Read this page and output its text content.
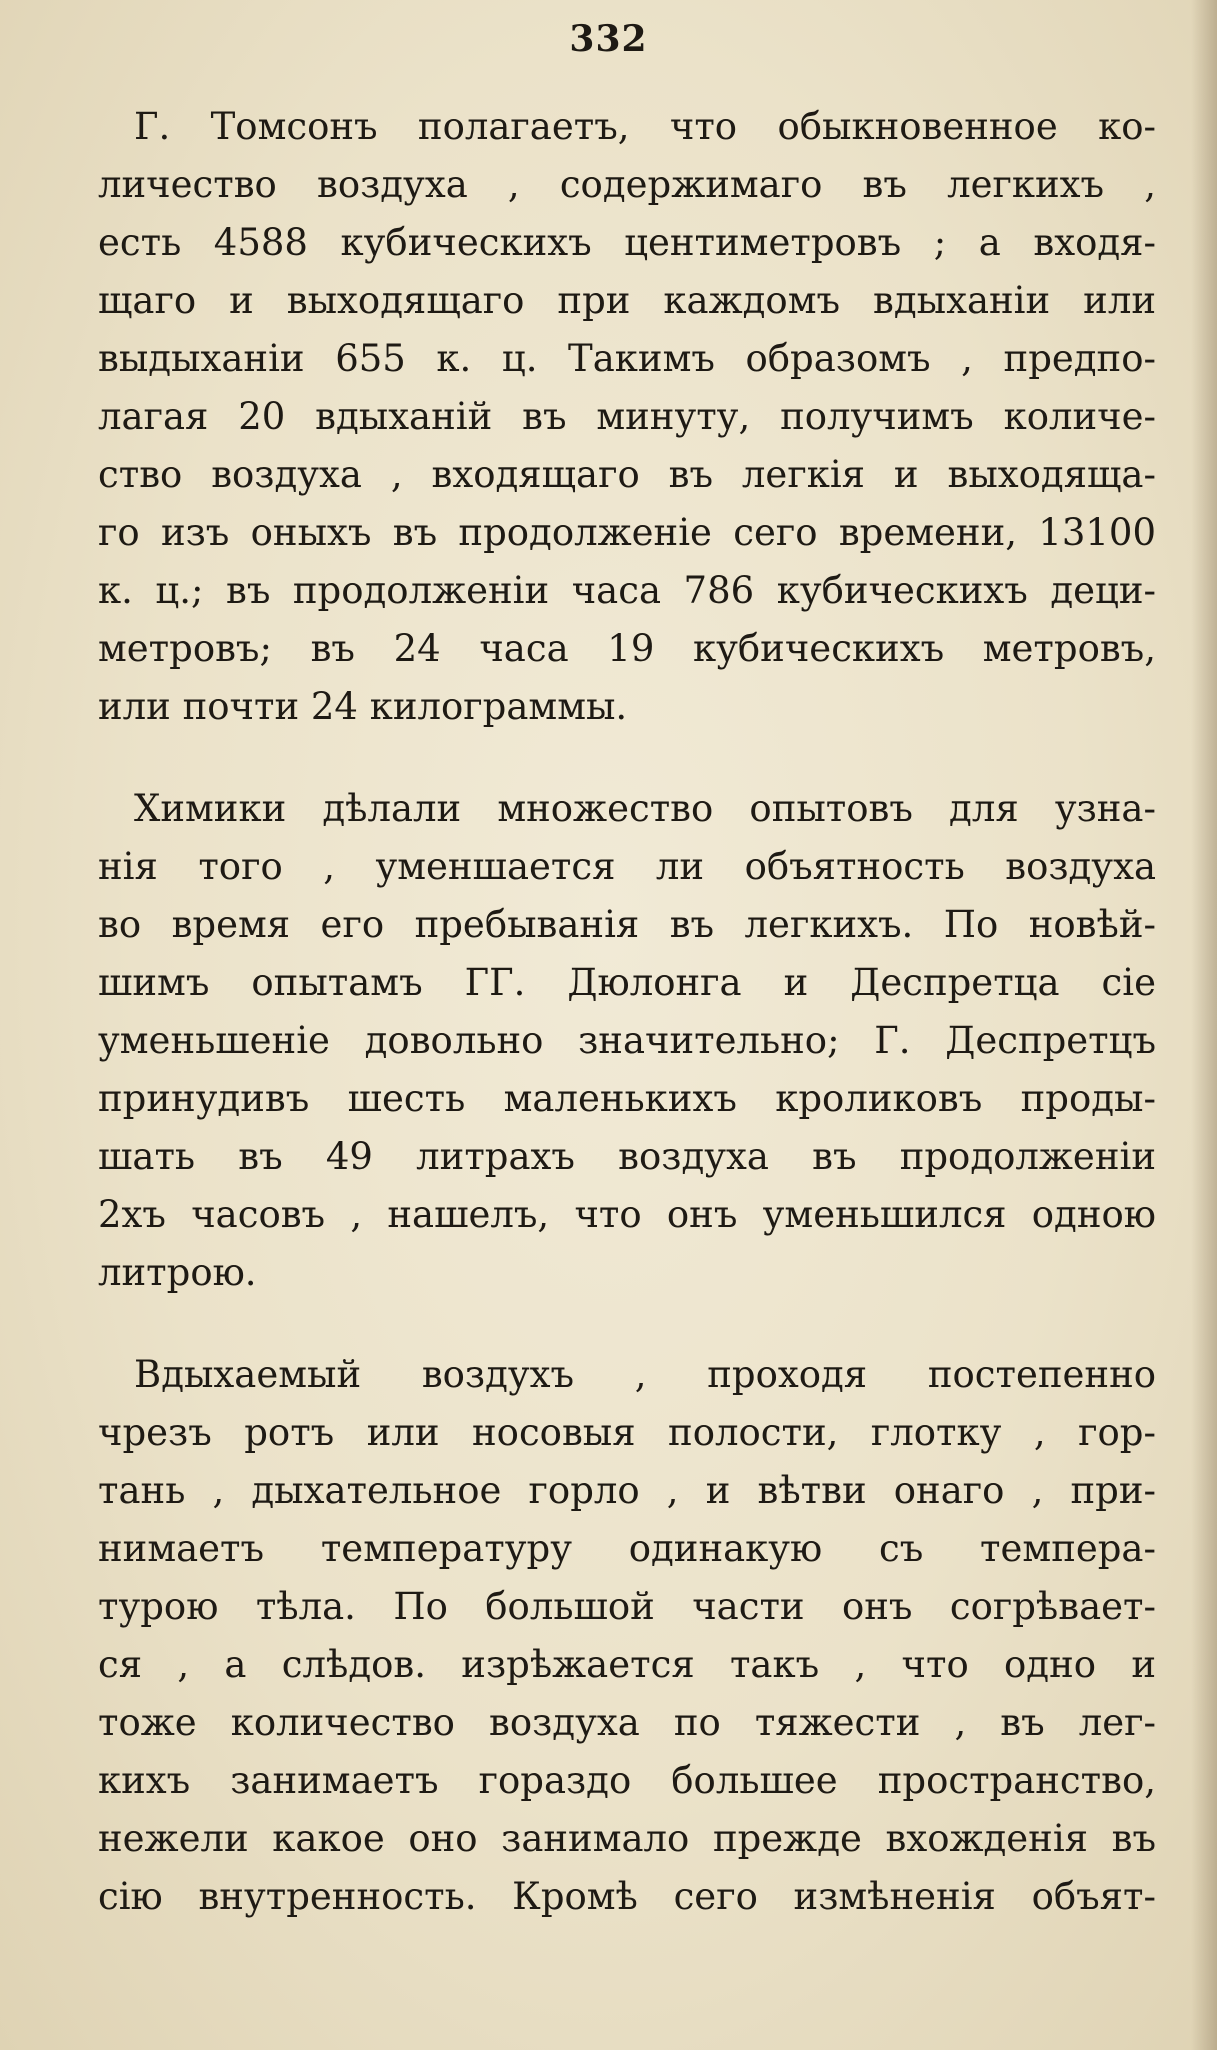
332
Г. Томсонъ полагаетъ, что обыкновенное ко-
личество воздуха , содержимаго въ легкихъ ,
есть 4588 кубическихъ центиметровъ ; а входя-
щаго и выходящаго при каждомъ вдыханіи или
выдыханіи 655 к. ц. Такимъ образомъ , предпо-
лагая 20 вдыханій въ минуту, получимъ количе-
ство воздуха , входящаго въ легкія и выходяща-
го изъ оныхъ въ продолженіе сего времени, 13100
к. ц.; въ продолженіи часа 786 кубическихъ деци-
метровъ; въ 24 часа 19 кубическихъ метровъ,
или почти 24 килограммы.
Химики дѣлали множество опытовъ для узна-
нія того , уменшается ли объятность воздуха
во время его пребыванія въ легкихъ. По новѣй-
шимъ опытамъ ГГ. Дюлонга и Деспретца сіе
уменьшеніе довольно значительно; Г. Деспретцъ
принудивъ шесть маленькихъ кроликовъ проды-
шать въ 49 литрахъ воздуха въ продолженіи
2хъ часовъ , нашелъ, что онъ уменьшился одною
литрою.
Вдыхаемый воздухъ , проходя постепенно
чрезъ ротъ или носовыя полости, глотку , гор-
тань , дыхательное горло , и вѣтви онаго , при-
нимаетъ температуру одинакую съ темпера-
турою тѣла. По большой части онъ согрѣвает-
ся , а слѣдов. изрѣжается такъ , что одно и
тоже количество воздуха по тяжести , въ лег-
кихъ занимаетъ гораздо большее пространство,
нежели какое оно занимало прежде вхожденія въ
сію внутренность. Кромѣ сего измѣненія объят-
